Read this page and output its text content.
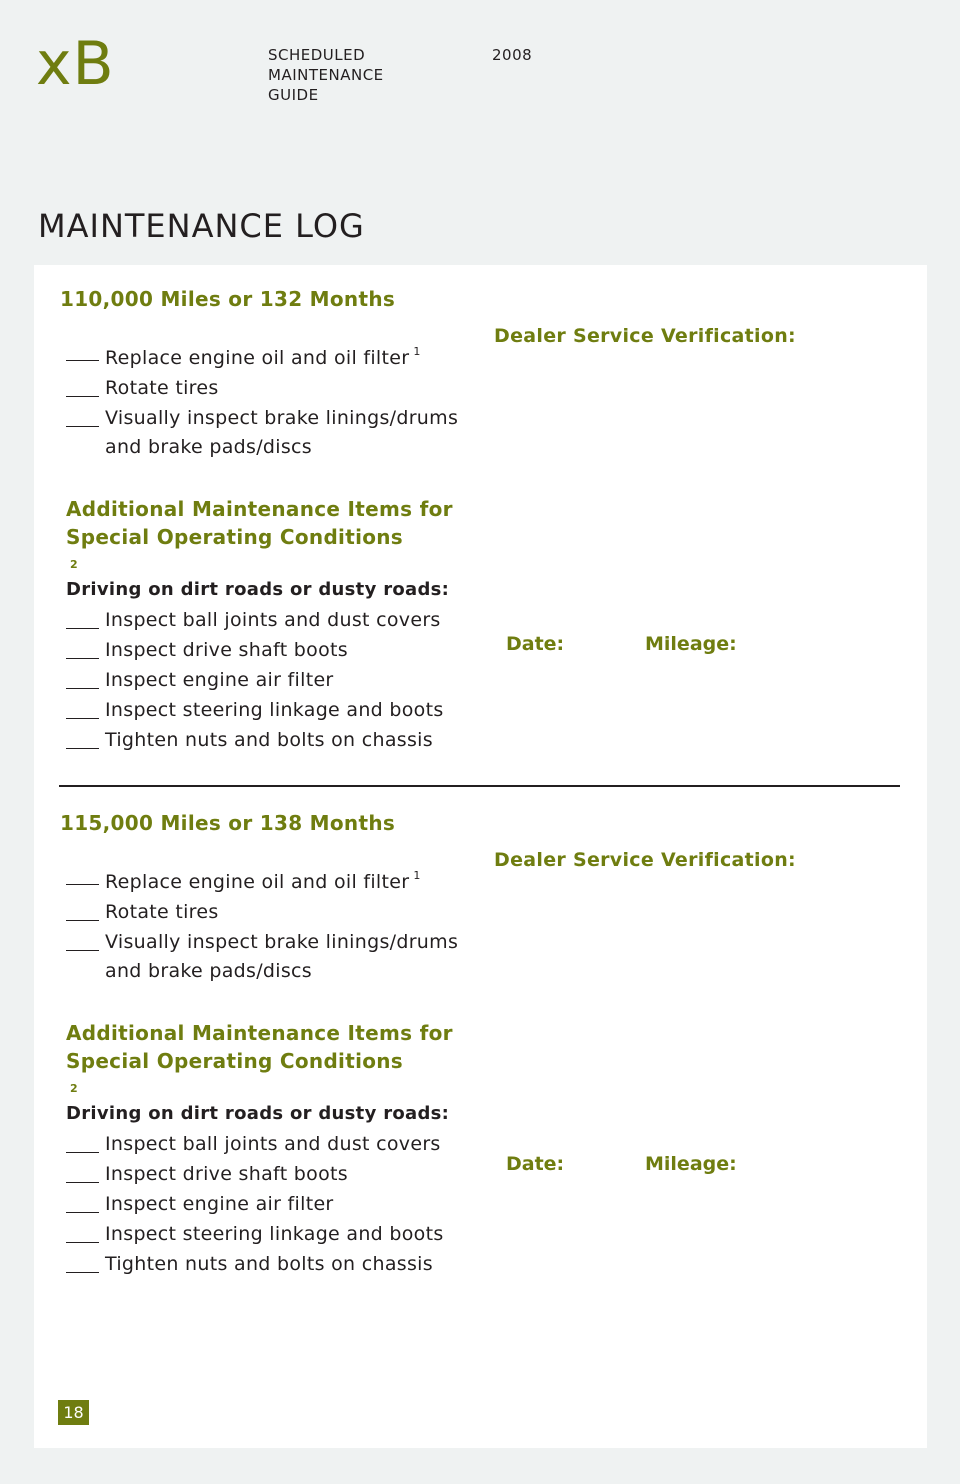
xB	SCHEDULED
MAINTENANCE
GUIDE
2008
MAINTENANCE LOG
110,000 Miles or 132 Months
Replace engine oil and oil filter $^1$
Rotate tires
Visually inspect brake linings/drums
and brake pads/discs
Additional Maintenance Items for
Special Operating Conditions
$^2$
Driving on dirt roads or dusty roads:
Inspect ball joints and dust covers
Inspect drive shaft boots
Inspect engine air filter
Inspect steering linkage and boots
Tighten nuts and bolts on chassis
Dealer Service Verification:
Date:	Mileage:
115,000 Miles or 138 Months
Replace engine oil and oil filter $^1$
Rotate tires
Visually inspect brake linings/drums
and brake pads/discs
Additional Maintenance Items for
Special Operating Conditions
$^2$
Driving on dirt roads or dusty roads:
Inspect ball joints and dust covers
Inspect drive shaft boots
Inspect engine air filter
Inspect steering linkage and boots
Tighten nuts and bolts on chassis
Dealer Service Verification:
Date:	Mileage:
18
